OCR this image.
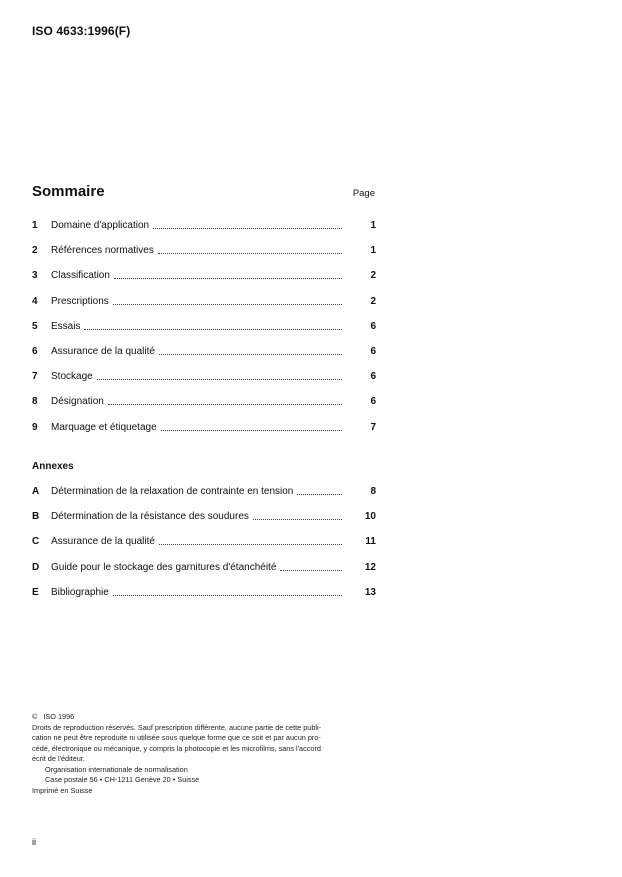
ISO 4633:1996(F)
Sommaire	Page
1	Domaine d'application	1
2	Références normatives	1
3	Classification	2
4	Prescriptions	2
5	Essais	6
6	Assurance de la qualité	6
7	Stockage	6
8	Désignation	6
9	Marquage et étiquetage	7
Annexes
A	Détermination de la relaxation de contrainte en tension	8
B	Détermination de la résistance des soudures	10
C	Assurance de la qualité	11
D	Guide pour le stockage des garnitures d'étanchéité	12
E	Bibliographie	13
© ISO 1996
Droits de reproduction réservés. Sauf prescription différente, aucune partie de cette publi-
cation ne peut être reproduite ni utilisée sous quelque forme que ce soit et par aucun pro-
cédé, électronique ou mécanique, y compris la photocopie et les microfilms, sans l'accord
écrit de l'éditeur.
Organisation internationale de normalisation
Case postale 56 • CH-1211 Genève 20 • Suisse
Imprimé en Suisse
ii
